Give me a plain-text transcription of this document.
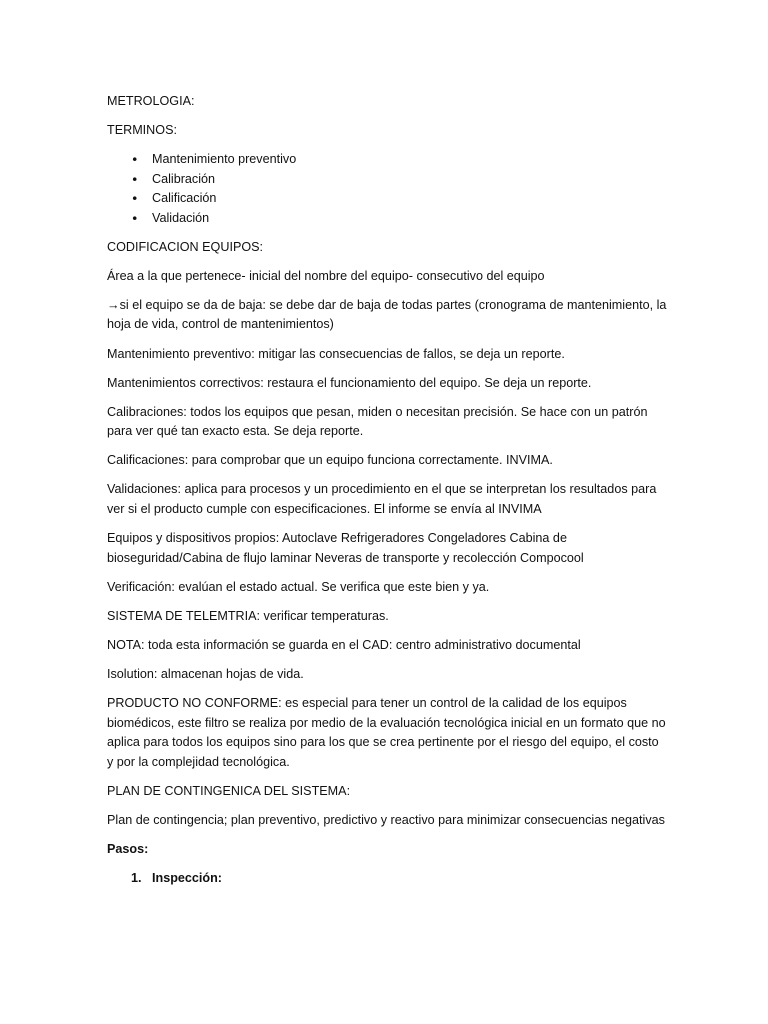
METROLOGIA:

TERMINOS:

• Mantenimiento preventivo
• Calibración
• Calificación
• Validación

CODIFICACION EQUIPOS:

Área a la que pertenece- inicial del nombre del equipo- consecutivo del equipo

→si el equipo se da de baja: se debe dar de baja de todas partes (cronograma de mantenimiento, la hoja de vida, control de mantenimientos)

Mantenimiento preventivo: mitigar las consecuencias de fallos, se deja un reporte.

Mantenimientos correctivos: restaura el funcionamiento del equipo. Se deja un reporte.

Calibraciones: todos los equipos que pesan, miden o necesitan precisión. Se hace con un patrón para ver qué tan exacto esta. Se deja reporte.

Calificaciones: para comprobar que un equipo funciona correctamente. INVIMA.

Validaciones: aplica para procesos y un procedimiento en el que se interpretan los resultados para ver si el producto cumple con especificaciones. El informe se envía al INVIMA

Equipos y dispositivos propios: Autoclave Refrigeradores Congeladores Cabina de bioseguridad/Cabina de flujo laminar Neveras de transporte y recolección Compocool

Verificación: evalúan el estado actual. Se verifica que este bien y ya.

SISTEMA DE TELEMTRIA: verificar temperaturas.

NOTA: toda esta información se guarda en el CAD: centro administrativo documental

Isolution: almacenan hojas de vida.

PRODUCTO NO CONFORME: es especial para tener un control de la calidad de los equipos biomédicos, este filtro se realiza por medio de la evaluación tecnológica inicial en un formato que no aplica para todos los equipos sino para los que se crea pertinente por el riesgo del equipo, el costo y por la complejidad tecnológica.

PLAN DE CONTINGENICA DEL SISTEMA:

Plan de contingencia; plan preventivo, predictivo y reactivo para minimizar consecuencias negativas

Pasos:

1. Inspección:
